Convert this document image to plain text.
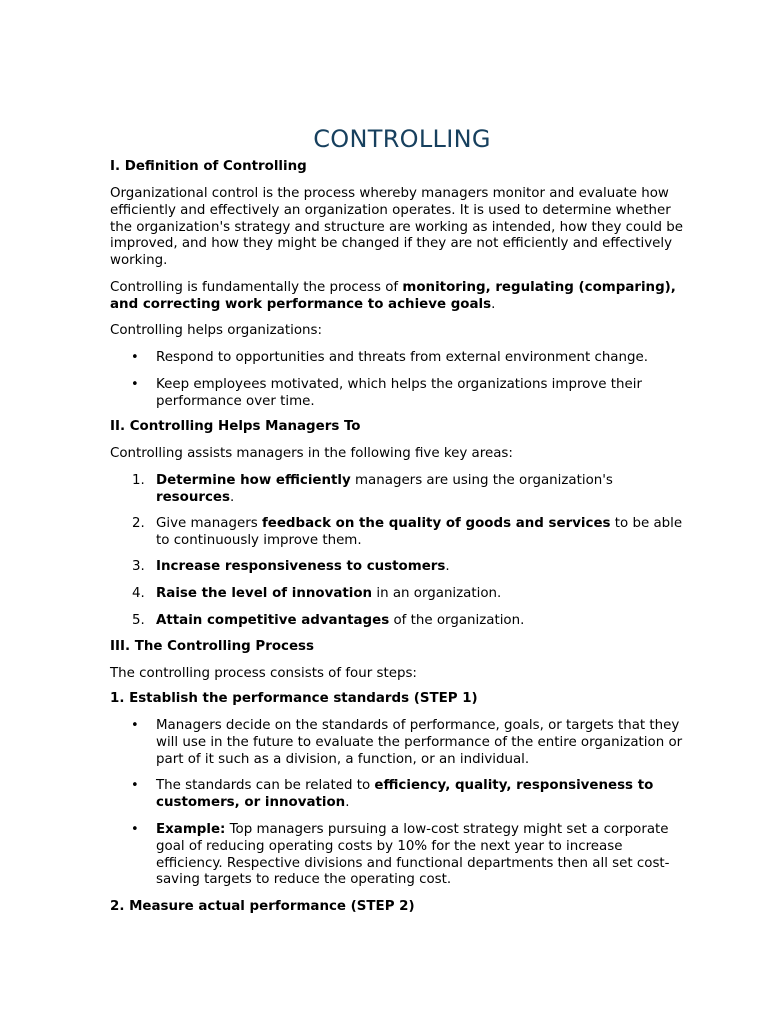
CONTROLLING

I. Definition of Controlling

Organizational control is the process whereby managers monitor and evaluate how efficiently and effectively an organization operates. It is used to determine whether the organization's strategy and structure are working as intended, how they could be improved, and how they might be changed if they are not efficiently and effectively working.

Controlling is fundamentally the process of monitoring, regulating (comparing), and correcting work performance to achieve goals.

Controlling helps organizations:

• Respond to opportunities and threats from external environment change.

• Keep employees motivated, which helps the organizations improve their performance over time.

II. Controlling Helps Managers To

Controlling assists managers in the following five key areas:

1. Determine how efficiently managers are using the organization's resources.

2. Give managers feedback on the quality of goods and services to be able to continuously improve them.

3. Increase responsiveness to customers.

4. Raise the level of innovation in an organization.

5. Attain competitive advantages of the organization.

III. The Controlling Process

The controlling process consists of four steps:

1. Establish the performance standards (STEP 1)

• Managers decide on the standards of performance, goals, or targets that they will use in the future to evaluate the performance of the entire organization or part of it such as a division, a function, or an individual.

• The standards can be related to efficiency, quality, responsiveness to customers, or innovation.

• Example: Top managers pursuing a low-cost strategy might set a corporate goal of reducing operating costs by 10% for the next year to increase efficiency. Respective divisions and functional departments then all set cost-saving targets to reduce the operating cost.

2. Measure actual performance (STEP 2)
